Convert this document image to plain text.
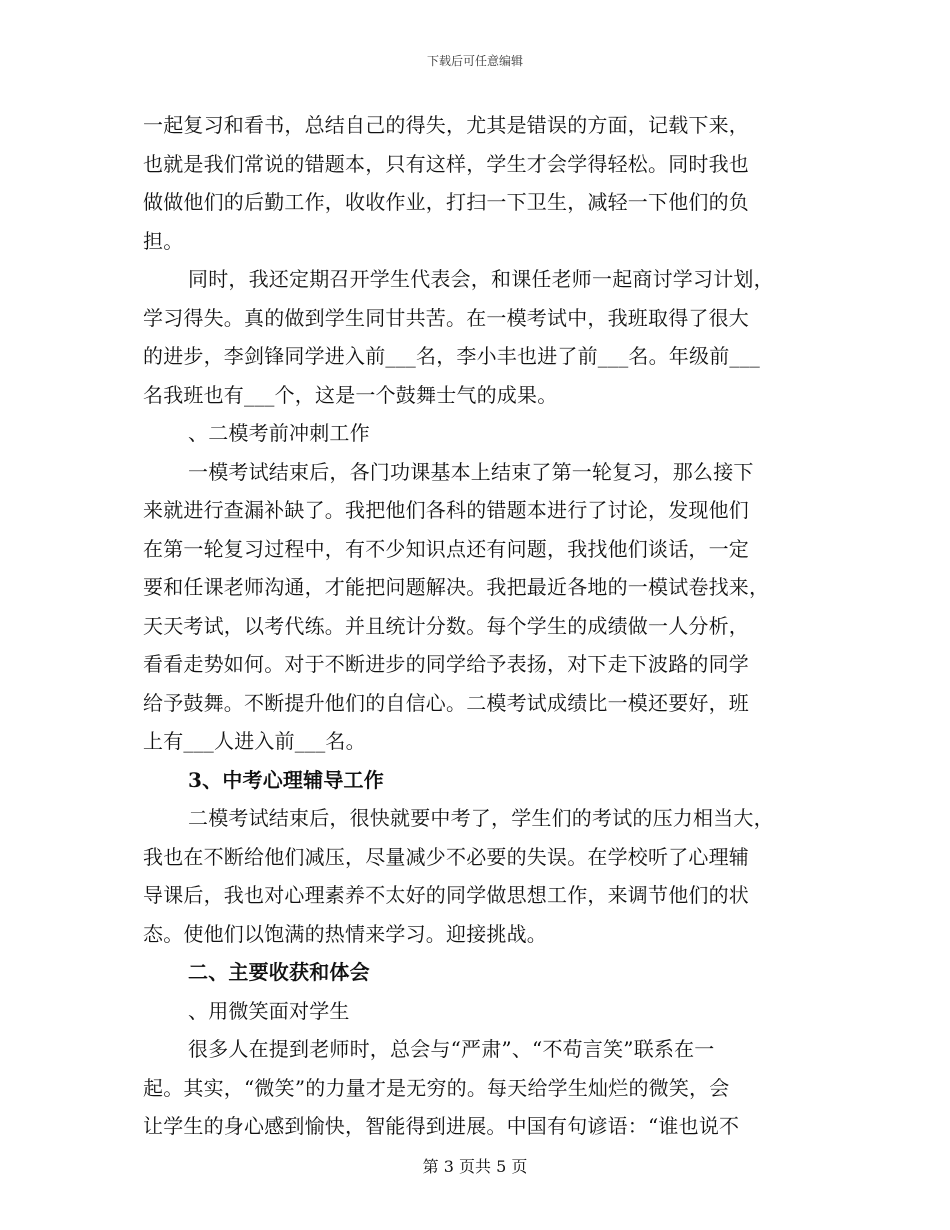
下载后可任意编辑
一起复习和看书，总结自己的得失，尤其是错误的方面，记载下来，
也就是我们常说的错题本，只有这样，学生才会学得轻松。同时我也
做做他们的后勤工作，收收作业，打扫一下卫生，减轻一下他们的负
担。
同时，我还定期召开学生代表会，和课任老师一起商讨学习计划，
学习得失。真的做到学生同甘共苦。在一模考试中，我班取得了很大
的进步，李剑锋同学进入前___名，李小丰也进了前___名。年级前___
名我班也有___个，这是一个鼓舞士气的成果。
、二模考前冲刺工作
一模考试结束后，各门功课基本上结束了第一轮复习，那么接下
来就进行查漏补缺了。我把他们各科的错题本进行了讨论，发现他们
在第一轮复习过程中，有不少知识点还有问题，我找他们谈话，一定
要和任课老师沟通，才能把问题解决。我把最近各地的一模试卷找来，
天天考试，以考代练。并且统计分数。每个学生的成绩做一人分析，
看看走势如何。对于不断进步的同学给予表扬，对下走下波路的同学
给予鼓舞。不断提升他们的自信心。二模考试成绩比一模还要好，班
上有___人进入前___名。
3、中考心理辅导工作
二模考试结束后，很快就要中考了，学生们的考试的压力相当大，
我也在不断给他们减压，尽量减少不必要的失误。在学校听了心理辅
导课后，我也对心理素养不太好的同学做思想工作，来调节他们的状
态。使他们以饱满的热情来学习。迎接挑战。
二、主要收获和体会
、用微笑面对学生
很多人在提到老师时，总会与“严肃”、“不苟言笑”联系在一
起。其实，“微笑”的力量才是无穷的。每天给学生灿烂的微笑，会
让学生的身心感到愉快，智能得到进展。中国有句谚语：“谁也说不
第 3 页共 5 页
